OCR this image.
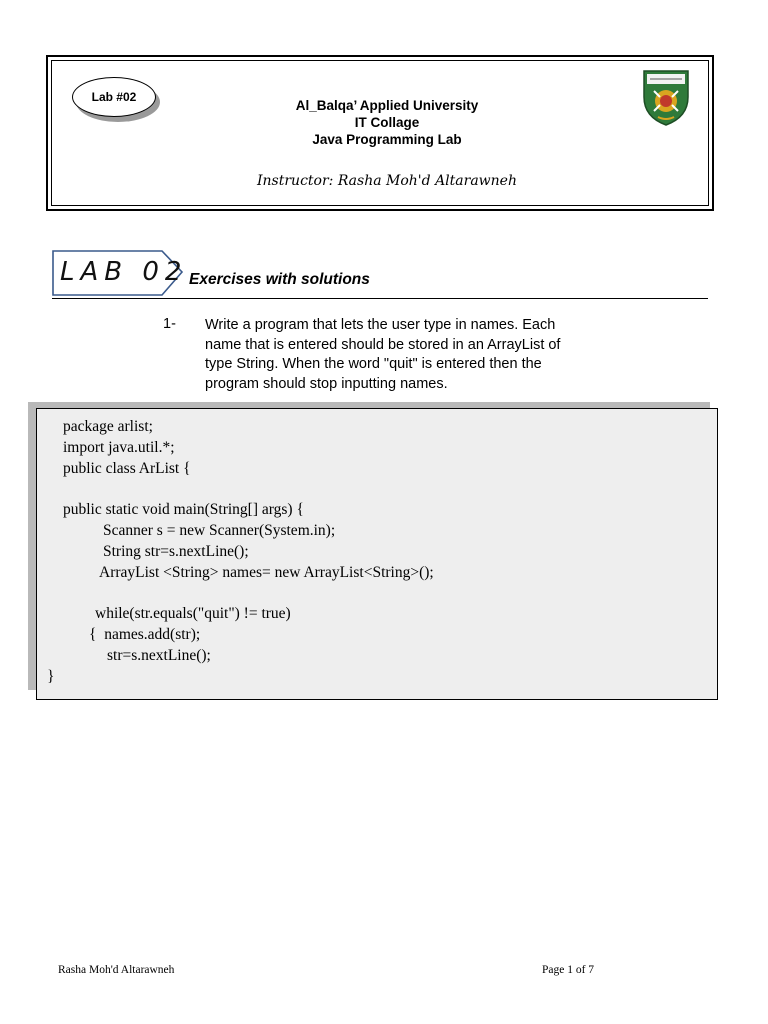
Lab #02
Al_Balqa’ Applied University
IT Collage
Java Programming Lab
Instructor: Rasha Moh'd Altarawneh
LAB 02 Exercises with solutions
1- Write a program that lets the user type in names. Each
name that is entered should be stored in an ArrayList of
type String. When the word "quit" is entered then the
program should stop inputting names.
package arlist;
import java.util.*;
public class ArList {
public static void main(String[] args) {
Scanner s = new Scanner(System.in);
String str=s.nextLine();
ArrayList <String> names= new ArrayList<String>();
while(str.equals("quit") != true)
{  names.add(str);
str=s.nextLine();
}
Rasha Moh'd Altarawneh	Page 1 of 7
